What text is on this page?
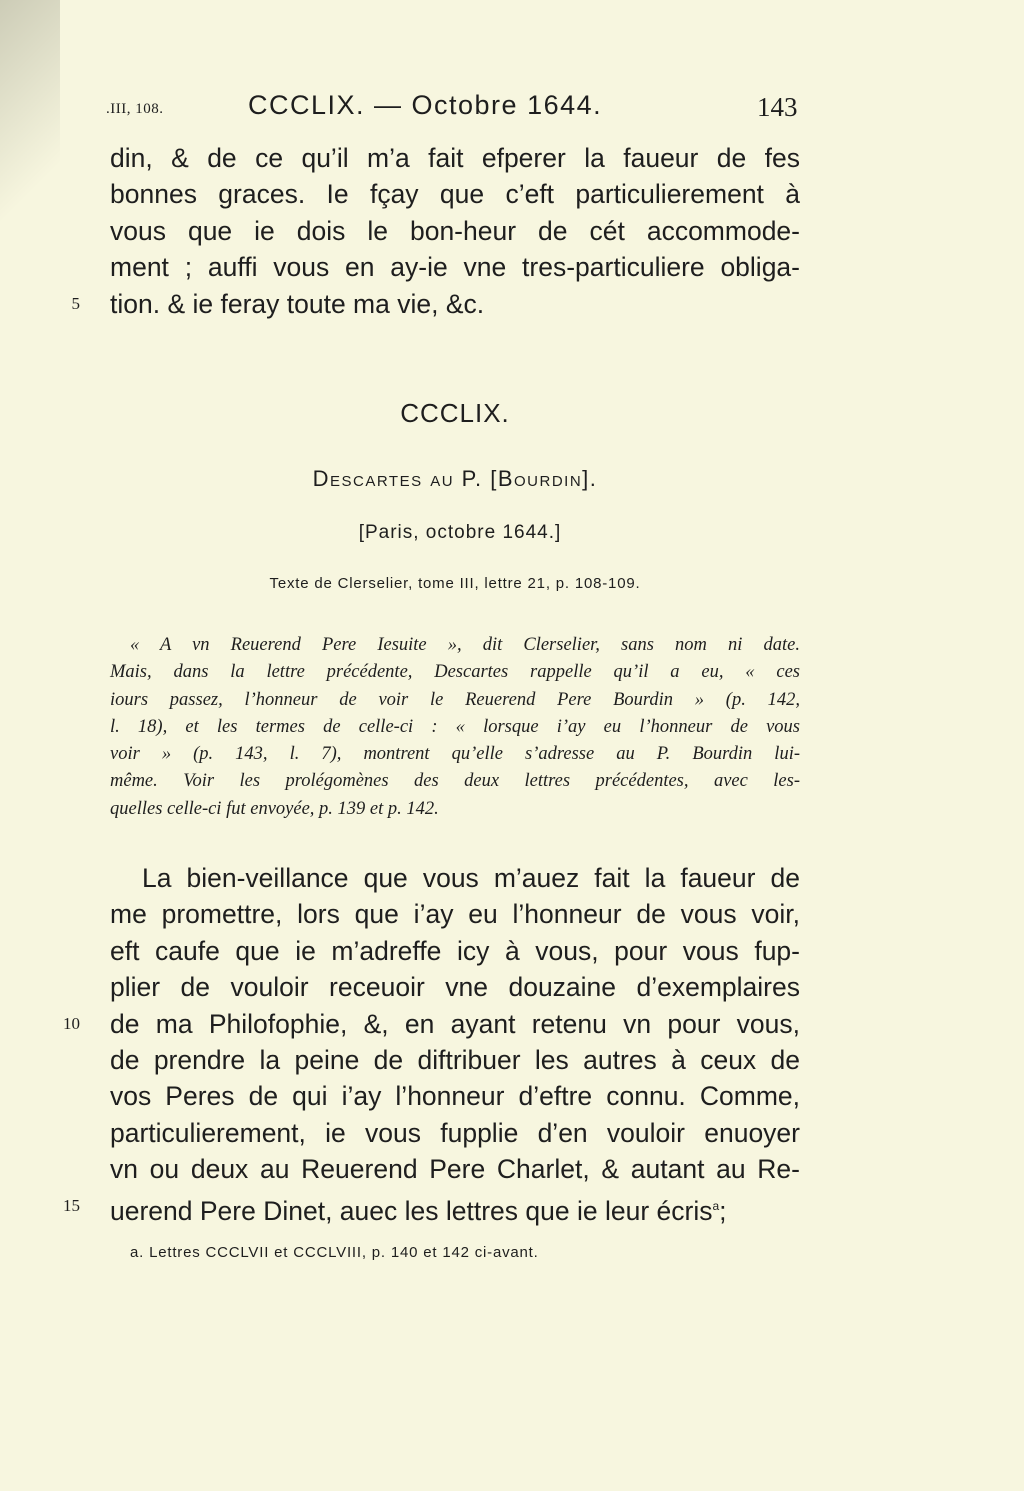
.III, 108.	CCCLIX. — Octobre 1644.	143
din, & de ce qu’il m’a fait efperer la faueur de fes
bonnes graces. Ie fçay que c’eft particulierement à
vous que ie dois le bon-heur de cét accommode-
ment ; auffi vous en ay-ie vne tres-particuliere obliga-
tion. & ie feray toute ma vie, &c.
5
CCCLIX.
Descartes au P. [Bourdin].
[Paris, octobre 1644.]
Texte de Clerselier, tome III, lettre 21, p. 108-109.
« A vn Reuerend Pere Iesuite », dit Clerselier, sans nom ni date.
Mais, dans la lettre précédente, Descartes rappelle qu’il a eu, « ces
iours passez, l’honneur de voir le Reuerend Pere Bourdin » (p. 142,
l. 18), et les termes de celle-ci : « lorsque i’ay eu l’honneur de vous
voir » (p. 143, l. 7), montrent qu’elle s’adresse au P. Bourdin lui-
même. Voir les prolégomènes des deux lettres précédentes, avec les-
quelles celle-ci fut envoyée, p. 139 et p. 142.
La bien-veillance que vous m’auez fait la faueur de
me promettre, lors que i’ay eu l’honneur de vous voir,
eft caufe que ie m’adreffe icy à vous, pour vous fup-
plier de vouloir receuoir vne douzaine d’exemplaires
de ma Philofophie, &, en ayant retenu vn pour vous,
de prendre la peine de diftribuer les autres à ceux de
vos Peres de qui i’ay l’honneur d’eftre connu. Comme,
particulierement, ie vous fupplie d’en vouloir enuoyer
vn ou deux au Reuerend Pere Charlet, & autant au Re-
uerend Pere Dinet, auec les lettres que ie leur écris$^a$;
10
15
a. Lettres CCCLVII et CCCLVIII, p. 140 et 142 ci-avant.
